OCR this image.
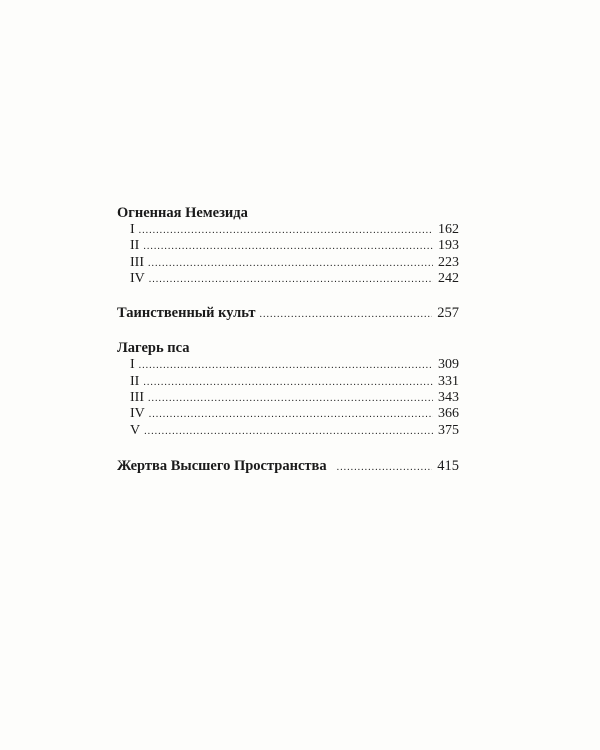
Огненная Немезида
I .....	162
II .....	193
III .....	223
IV .....	242
Таинственный культ .....	257
Лагерь пса
I .....	309
II .....	331
III .....	343
IV .....	366
V .....	375
Жертва Высшего Пространства .....	415
